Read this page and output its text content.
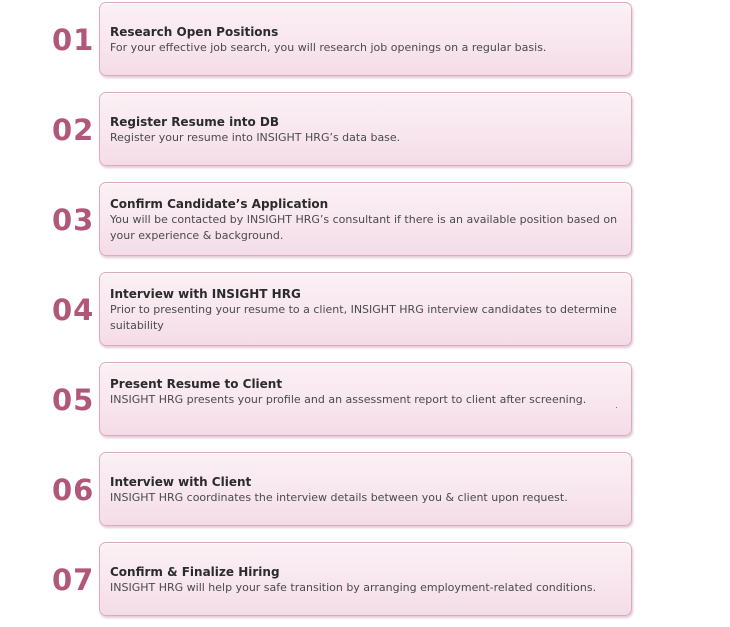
01 Research Open Positions
For your effective job search, you will research job openings on a regular basis.
02 Register Resume into DB
Register your resume into INSIGHT HRG’s data base.
03 Confirm Candidate’s Application
You will be contacted by INSIGHT HRG’s consultant if there is an available position based on your experience & background.
04 Interview with INSIGHT HRG
Prior to presenting your resume to a client, INSIGHT HRG interview candidates to determine suitability
05 Present Resume to Client
INSIGHT HRG presents your profile and an assessment report to client after screening.
06 Interview with Client
INSIGHT HRG coordinates the interview details between you & client upon request.
07 Confirm & Finalize Hiring
INSIGHT HRG will help your safe transition by arranging employment-related conditions.
